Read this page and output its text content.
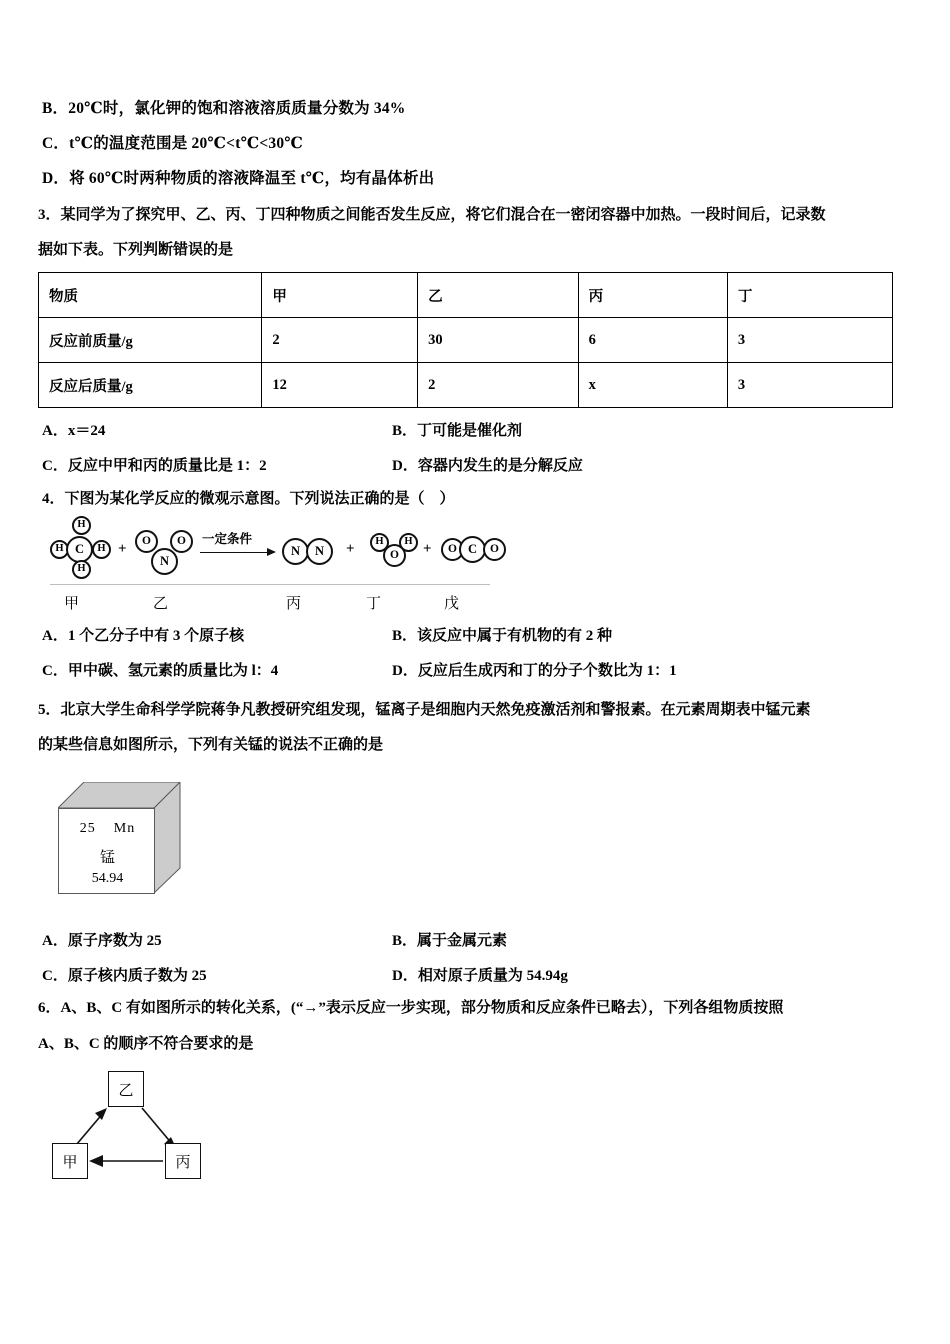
B．20℃时，氯化钾的饱和溶液溶质质量分数为 34%
C．t℃的温度范围是 20℃<t℃<30℃
D．将 60℃时两种物质的溶液降温至 t℃，均有晶体析出
3．某同学为了探究甲、乙、丙、丁四种物质之间能否发生反应，将它们混合在一密闭容器中加热。一段时间后，记录数
据如下表。下列判断错误的是
物质	甲	乙	丙	丁
反应前质量/g	2	30	6	3
反应后质量/g	12	2	x	3
A．x＝24	B．丁可能是催化剂
C．反应中甲和丙的质量比是 1：2	D．容器内发生的是分解反应
4．下图为某化学反应的微观示意图。下列说法正确的是（　）
H
H C	H
H
+
O	O
N
一定条件
N	N	+	H	H
O	+	O C	O
甲	乙	丙	丁	戊
A．1 个乙分子中有 3 个原子核	B．该反应中属于有机物的有 2 种
C．甲中碳、氢元素的质量比为 l：4	D．反应后生成丙和丁的分子个数比为 1：1
5．北京大学生命科学学院蒋争凡教授研究组发现，锰离子是细胞内天然免疫激活剂和警报素。在元素周期表中锰元素
的某些信息如图所示，下列有关锰的说法不正确的是
25 Mn
锰
54.94
A．原子序数为 25	B．属于金属元素
C．原子核内质子数为 25	D．相对原子质量为 54.94g
6．A、B、C 有如图所示的转化关系，(“→”表示反应一步实现，部分物质和反应条件已略去），下列各组物质按照
A、B、C 的顺序不符合要求的是
乙
甲	丙
